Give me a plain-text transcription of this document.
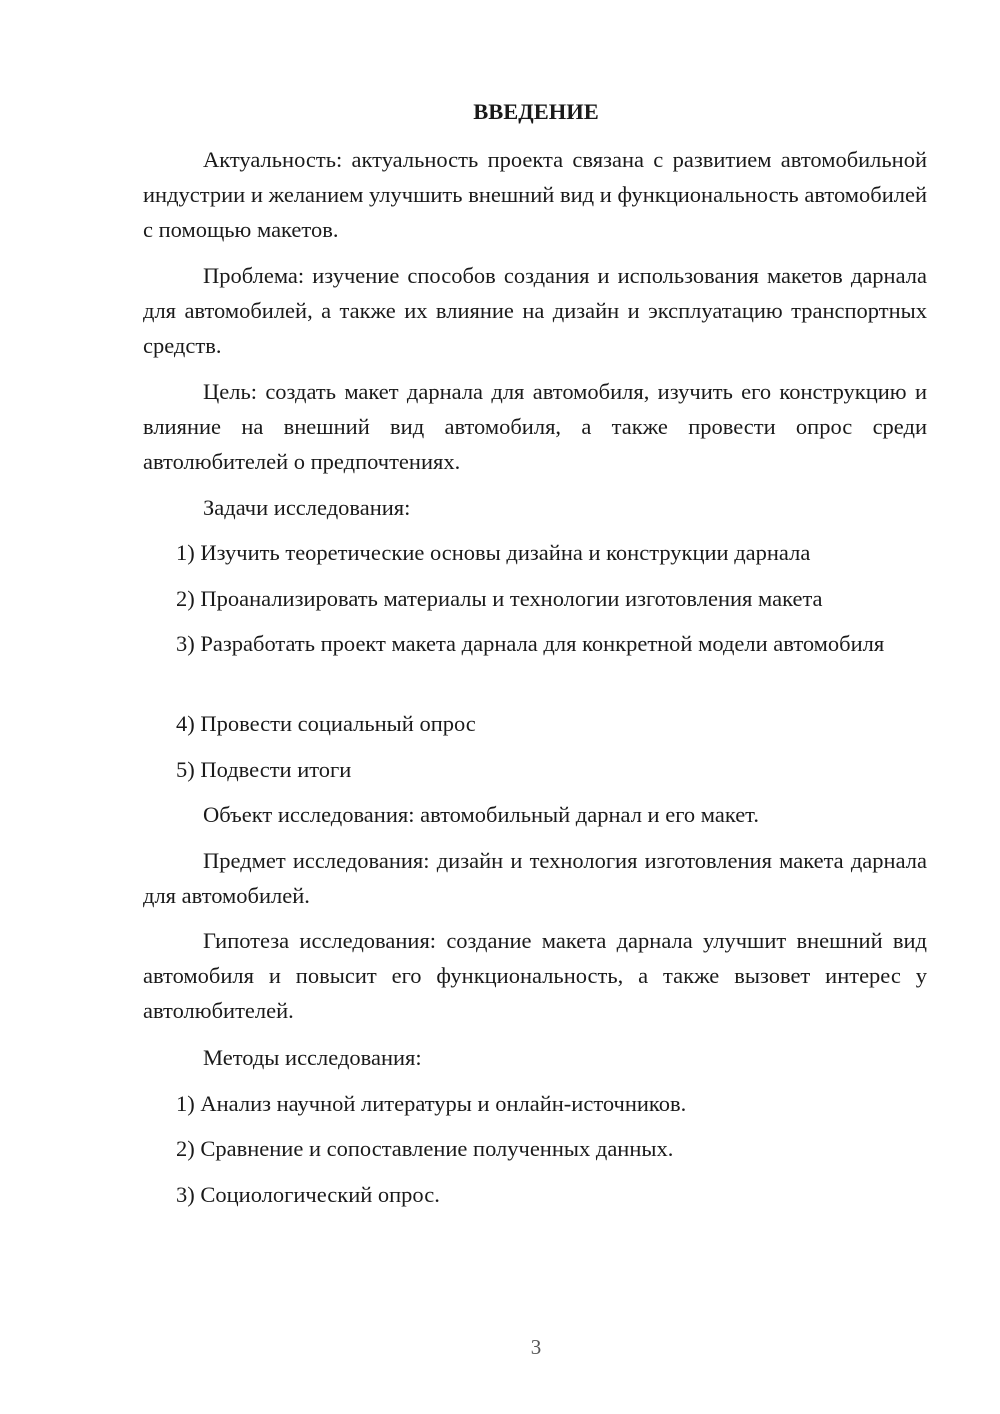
ВВЕДЕНИЕ

Актуальность: актуальность проекта связана с развитием автомобильной индустрии и желанием улучшить внешний вид и функциональность автомобилей с помощью макетов.

Проблема: изучение способов создания и использования макетов дарнала для автомобилей, а также их влияние на дизайн и эксплуатацию транспортных средств.

Цель: создать макет дарнала для автомобиля, изучить его конструкцию и влияние на внешний вид автомобиля, а также провести опрос среди автолюбителей о предпочтениях.

Задачи исследования:

1) Изучить теоретические основы дизайна и конструкции дарнала

2) Проанализировать материалы и технологии изготовления макета

3) Разработать проект макета дарнала для конкретной модели автомобиля

4) Провести социальный опрос

5) Подвести итоги

Объект исследования: автомобильный дарнал и его макет.

Предмет исследования: дизайн и технология изготовления макета дарнала для автомобилей.

Гипотеза исследования: создание макета дарнала улучшит внешний вид автомобиля и повысит его функциональность, а также вызовет интерес у автолюбителей.

Методы исследования:

1) Анализ научной литературы и онлайн-источников.

2) Сравнение и сопоставление полученных данных.

3) Социологический опрос.

3
